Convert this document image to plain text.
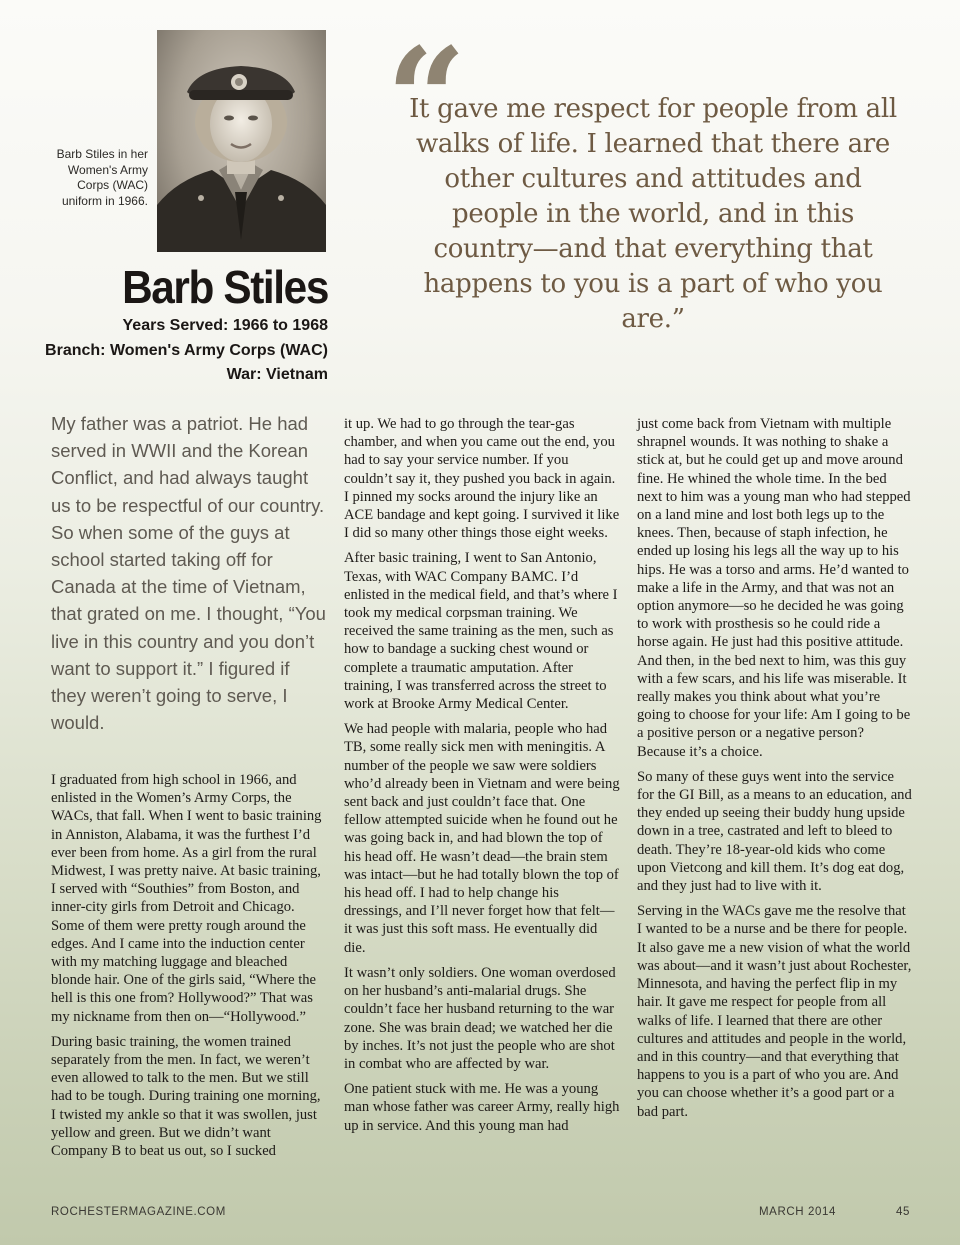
Barb Stiles in her Women's Army Corps (WAC) uniform in 1966.
Barb Stiles
Years Served: 1966 to 1968
Branch: Women's Army Corps (WAC)
War: Vietnam
“
It gave me respect for people from all walks of life. I learned that there are other cultures and attitudes and people in the world, and in this country—and that everything that happens to you is a part of who you are.”
My father was a patriot. He had served in WWII and the Korean Conflict, and had always taught us to be respectful of our country. So when some of the guys at school started taking off for Canada at the time of Vietnam, that grated on me. I thought, “You live in this country and you don’t want to support it.” I figured if they weren’t going to serve, I would.

I graduated from high school in 1966, and enlisted in the Women’s Army Corps, the WACs, that fall. When I went to basic training in Anniston, Alabama, it was the furthest I’d ever been from home. As a girl from the rural Midwest, I was pretty naive. At basic training, I served with “Southies” from Boston, and inner-city girls from Detroit and Chicago. Some of them were pretty rough around the edges. And I came into the induction center with my matching luggage and bleached blonde hair. One of the girls said, “Where the hell is this one from? Hollywood?” That was my nickname from then on—“Hollywood.”

During basic training, the women trained separately from the men. In fact, we weren’t even allowed to talk to the men. But we still had to be tough. During training one morning, I twisted my ankle so that it was swollen, just yellow and green. But we didn’t want Company B to beat us out, so I sucked

it up. We had to go through the tear-gas chamber, and when you came out the end, you had to say your service number. If you couldn’t say it, they pushed you back in again. I pinned my socks around the injury like an ACE bandage and kept going. I survived it like I did so many other things those eight weeks.

After basic training, I went to San Antonio, Texas, with WAC Company BAMC. I’d enlisted in the medical field, and that’s where I took my medical corpsman training. We received the same training as the men, such as how to bandage a sucking chest wound or complete a traumatic amputation. After training, I was transferred across the street to work at Brooke Army Medical Center.

We had people with malaria, people who had TB, some really sick men with meningitis. A number of the people we saw were soldiers who’d already been in Vietnam and were being sent back and just couldn’t face that. One fellow attempted suicide when he found out he was going back in, and had blown the top of his head off. He wasn’t dead—the brain stem was intact—but he had totally blown the top of his head off. I had to help change his dressings, and I’ll never forget how that felt—it was just this soft mass. He eventually did die.

It wasn’t only soldiers. One woman overdosed on her husband’s anti-malarial drugs. She couldn’t face her husband returning to the war zone. She was brain dead; we watched her die by inches. It’s not just the people who are shot in combat who are affected by war.

One patient stuck with me. He was a young man whose father was career Army, really high up in service. And this young man had

just come back from Vietnam with multiple shrapnel wounds. It was nothing to shake a stick at, but he could get up and move around fine. He whined the whole time. In the bed next to him was a young man who had stepped on a land mine and lost both legs up to the knees. Then, because of staph infection, he ended up losing his legs all the way up to his hips. He was a torso and arms. He’d wanted to make a life in the Army, and that was not an option anymore—so he decided he was going to work with prosthesis so he could ride a horse again. He just had this positive attitude. And then, in the bed next to him, was this guy with a few scars, and his life was miserable. It really makes you think about what you’re going to choose for your life: Am I going to be a positive person or a negative person? Because it’s a choice.

So many of these guys went into the service for the GI Bill, as a means to an education, and they ended up seeing their buddy hung upside down in a tree, castrated and left to bleed to death. They’re 18-year-old kids who come upon Vietcong and kill them. It’s dog eat dog, and they just had to live with it.

Serving in the WACs gave me the resolve that I wanted to be a nurse and be there for people. It also gave me a new vision of what the world was about—and it wasn’t just about Rochester, Minnesota, and having the perfect flip in my hair. It gave me respect for people from all walks of life. I learned that there are other cultures and attitudes and people in the world, and in this country—and that everything that happens to you is a part of who you are. And you can choose whether it’s a good part or a bad part.

ROCHESTERMAGAZINE.COM	MARCH 2014	45
